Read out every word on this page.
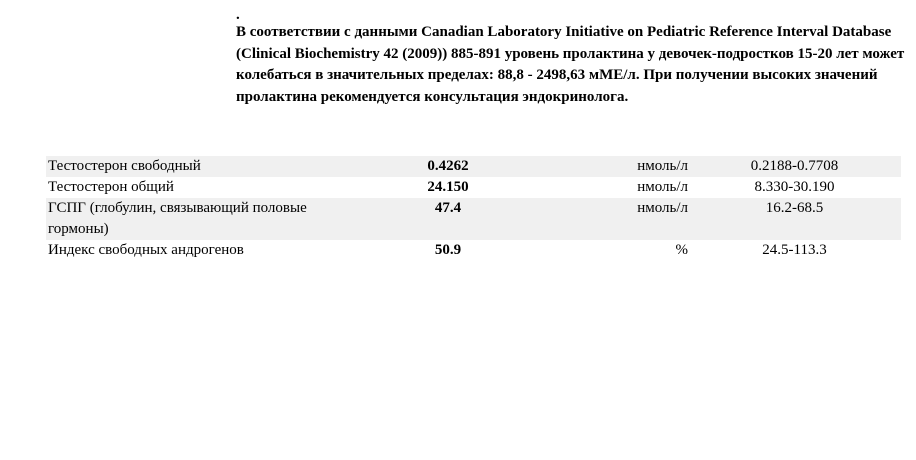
.
В соответствии с данными Canadian Laboratory Initiative on Pediatric Reference Interval Database (Clinical Biochemistry 42 (2009)) 885-891 уровень пролактина у девочек-подростков 15-20 лет может колебаться в значительных пределах: 88,8 - 2498,63 мМЕ/л. При получении высоких значений пролактина рекомендуется консультация эндокринолога.
Тестостерон свободный	0.4262	нмоль/л	0.2188-0.7708
Тестостерон общий	24.150	нмоль/л	8.330-30.190
ГСПГ (глобулин, связывающий половые гормоны)	47.4	нмоль/л	16.2-68.5
Индекс свободных андрогенов	50.9	%	24.5-113.3
